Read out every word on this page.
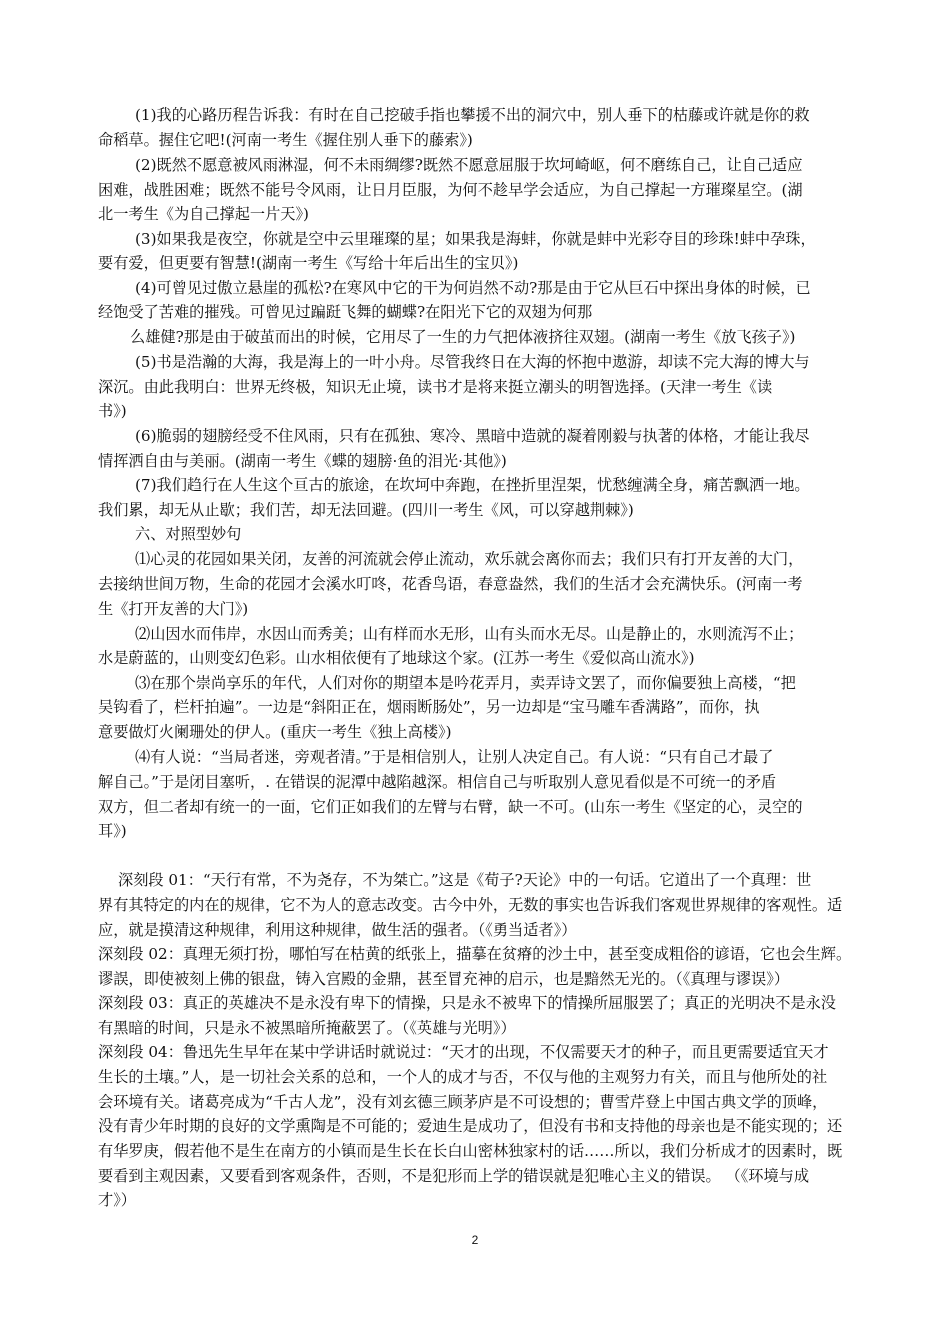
(1)我的心路历程告诉我：有时在自己挖破手指也攀援不出的洞穴中，别人垂下的枯藤或许就是你的救
命稻草。握住它吧!(河南一考生《握住别人垂下的藤索》)
(2)既然不愿意被风雨淋湿，何不未雨绸缪?既然不愿意屈服于坎坷崎岖，何不磨练自己，让自己适应
困难，战胜困难；既然不能号令风雨，让日月臣服，为何不趁早学会适应，为自己撑起一方璀璨星空。(湖
北一考生《为自己撑起一片天》)
(3)如果我是夜空，你就是空中云里璀璨的星；如果我是海蚌，你就是蚌中光彩夺目的珍珠!蚌中孕珠，
要有爱，但更要有智慧!(湖南一考生《写给十年后出生的宝贝》)
(4)可曾见过傲立悬崖的孤松?在寒风中它的干为何岿然不动?那是由于它从巨石中探出身体的时候，已
经饱受了苦难的摧残。可曾见过蹁跹飞舞的蝴蝶?在阳光下它的双翅为何那
么雄健?那是由于破茧而出的时候，它用尽了一生的力气把体液挤往双翅。(湖南一考生《放飞孩子》)
(5)书是浩瀚的大海，我是海上的一叶小舟。尽管我终日在大海的怀抱中遨游，却读不完大海的博大与
深沉。由此我明白：世界无终极，知识无止境，读书才是将来挺立潮头的明智选择。(天津一考生《读
书》)
(6)脆弱的翅膀经受不住风雨，只有在孤独、寒冷、黑暗中造就的凝着刚毅与执著的体格，才能让我尽
情挥洒自由与美丽。(湖南一考生《蝶的翅膀·鱼的泪光·其他》)
(7)我们趋行在人生这个亘古的旅途，在坎坷中奔跑，在挫折里涅架，忧愁缠满全身，痛苦飘洒一地。
我们累，却无从止歇；我们苦，却无法回避。(四川一考生《风，可以穿越荆棘》)
六、对照型妙句
⑴心灵的花园如果关闭，友善的河流就会停止流动，欢乐就会离你而去；我们只有打开友善的大门，
去接纳世间万物，生命的花园才会溪水叮咚，花香鸟语，春意盎然，我们的生活才会充满快乐。(河南一考
生《打开友善的大门》)
⑵山因水而伟岸，水因山而秀美；山有样而水无形，山有头而水无尽。山是静止的，水则流泻不止；
水是蔚蓝的，山则变幻色彩。山水相依便有了地球这个家。(江苏一考生《爱似高山流水》)
⑶在那个崇尚享乐的年代，人们对你的期望本是吟花弄月，卖弄诗文罢了，而你偏要独上高楼，“把
吴钩看了，栏杆拍遍”。一边是“斜阳正在，烟雨断肠处”，另一边却是“宝马雕车香满路”，而你，执
意要做灯火阑珊处的伊人。(重庆一考生《独上高楼》)
⑷有人说：“当局者迷，旁观者清。”于是相信别人，让别人决定自己。有人说：“只有自己才最了
解自己。”于是闭目塞听，. 在错误的泥潭中越陷越深。相信自己与听取别人意见看似是不可统一的矛盾
双方，但二者却有统一的一面，它们正如我们的左臂与右臂，缺一不可。(山东一考生《坚定的心，灵空的
耳》)
深刻段 01：“天行有常，不为尧存，不为桀亡。”这是《荀子?天论》中的一句话。它道出了一个真理：世
界有其特定的内在的规律，它不为人的意志改变。古今中外，无数的事实也告诉我们客观世界规律的客观性。适
应，就是摸清这种规律，利用这种规律，做生活的强者。（《勇当适者》）
深刻段 02：真理无须打扮，哪怕写在枯黄的纸张上，描摹在贫瘠的沙土中，甚至变成粗俗的谚语，它也会生辉。
谬誤，即使被刻上佛的银盘，铸入宫殿的金鼎，甚至冒充神的启示，也是黯然无光的。（《真理与谬误》）
深刻段 03：真正的英雄决不是永没有卑下的情操，只是永不被卑下的情操所屈服罢了；真正的光明决不是永没
有黑暗的时间，只是永不被黑暗所掩蔽罢了。（《英雄与光明》）
深刻段 04：鲁迅先生早年在某中学讲话时就说过：“天才的出现，不仅需要天才的种子，而且更需要适宜天才
生长的土壤。”人，是一切社会关系的总和，一个人的成才与否，不仅与他的主观努力有关，而且与他所处的社
会环境有关。诸葛亮成为“千古人龙”，没有刘玄德三顾茅庐是不可设想的；曹雪芹登上中国古典文学的顶峰，
没有青少年时期的良好的文学熏陶是不可能的；爱迪生是成功了，但没有书和支持他的母亲也是不能实现的；还
有华罗庚，假若他不是生在南方的小镇而是生长在长白山密林独家村的话……所以，我们分析成才的因素时，既
要看到主观因素，又要看到客观条件，否则，不是犯形而上学的错误就是犯唯心主义的错误。 （《环境与成
才》）
2
